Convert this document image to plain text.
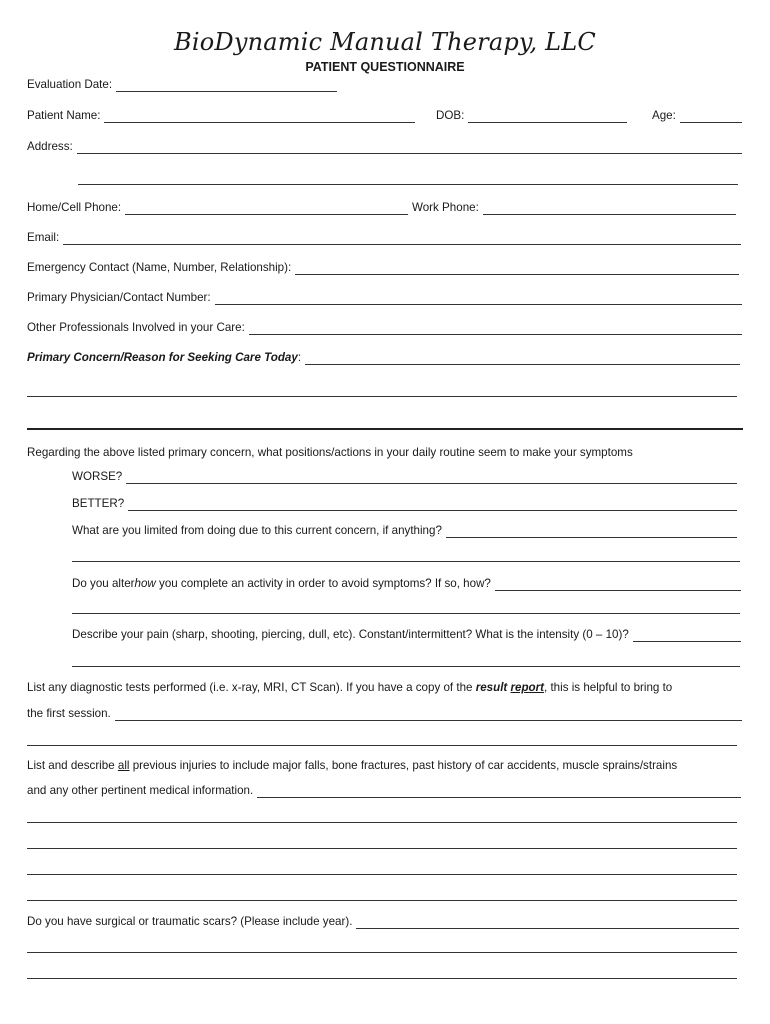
BioDynamic Manual Therapy, LLC
PATIENT QUESTIONNAIRE
Evaluation Date:
Patient Name:	DOB:	Age:
Address:
Home/Cell Phone:	Work Phone:
Email:
Emergency Contact (Name, Number, Relationship):
Primary Physician/Contact Number:
Other Professionals Involved in your Care:
Primary Concern/Reason for Seeking Care Today :
Regarding the above listed primary concern, what positions/actions in your daily routine seem to make your symptoms
WORSE?
BETTER?
What are you limited from doing due to this current concern, if anything?
Do you alter how you complete an activity in order to avoid symptoms? If so, how?
Describe your pain (sharp, shooting, piercing, dull, etc). Constant/intermittent? What is the intensity (0 – 10)?
List any diagnostic tests performed (i.e. x-ray, MRI, CT Scan). If you have a copy of the result
report , this is helpful to bring to
the first session.
List and describe all previous injuries to include major falls, bone fractures, past history of car accidents, muscle sprains/strains
and any other pertinent medical information.
Do you have surgical or traumatic scars? (Please include year).
